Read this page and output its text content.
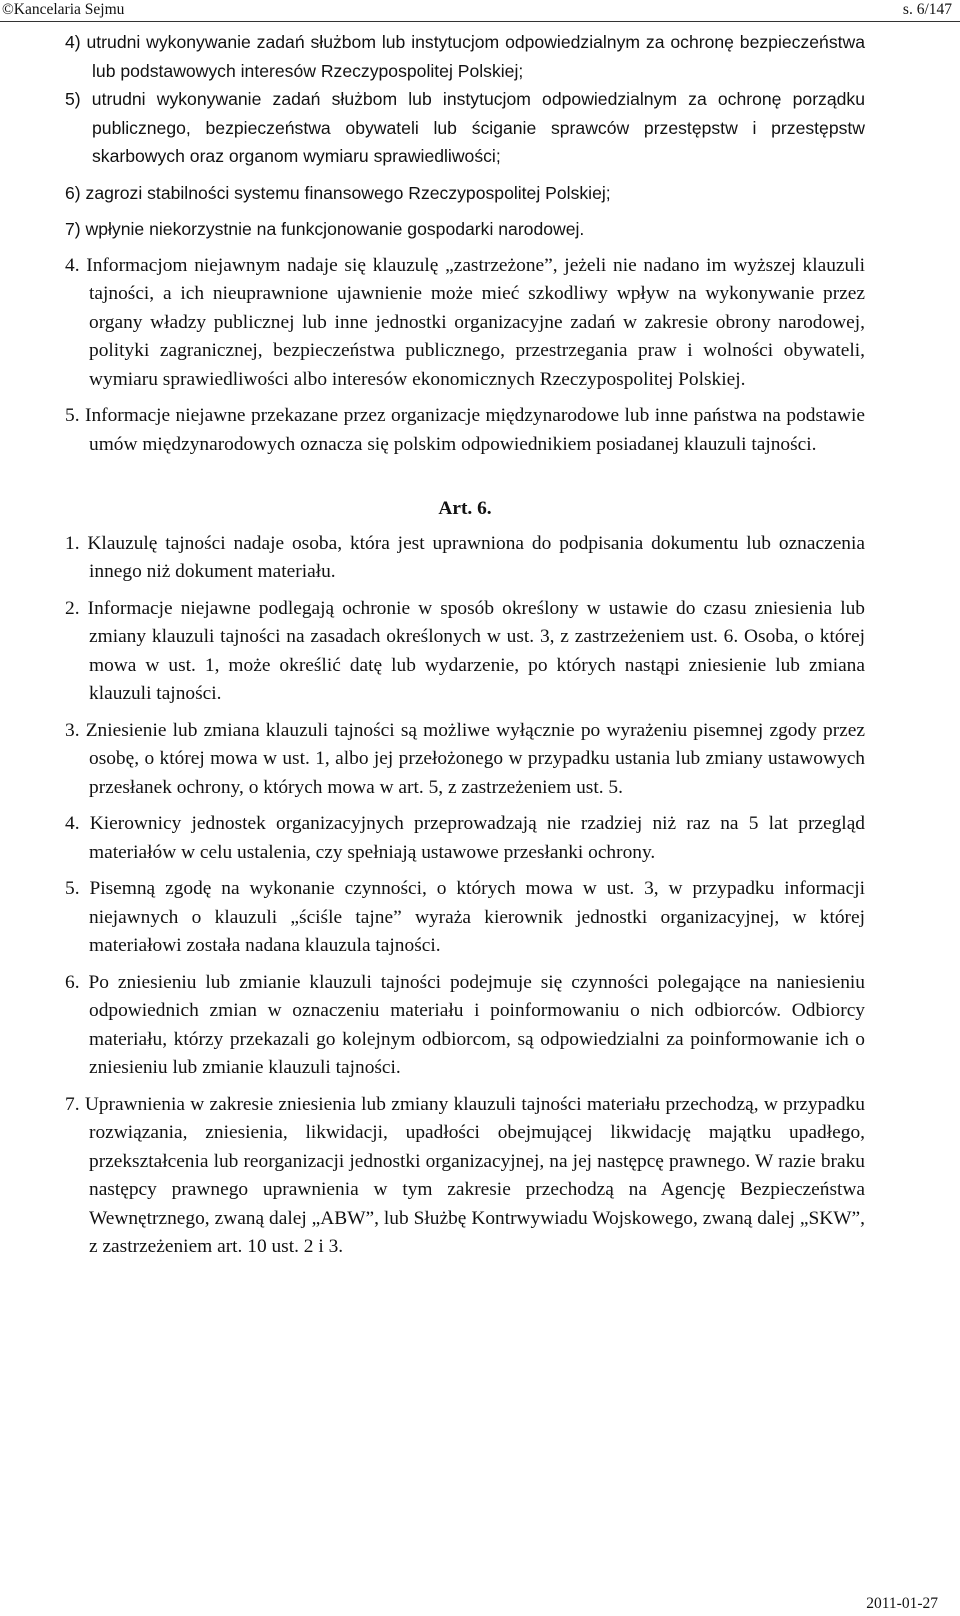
©Kancelaria Sejmu	s. 6/147

4) utrudni wykonywanie zadań służbom lub instytucjom odpowiedzialnym za ochronę bezpieczeństwa lub podstawowych interesów Rzeczypospolitej Polskiej;

5) utrudni wykonywanie zadań służbom lub instytucjom odpowiedzialnym za ochronę porządku publicznego, bezpieczeństwa obywateli lub ściganie sprawców przestępstw i przestępstw skarbowych oraz organom wymiaru sprawiedliwości;

6) zagrozi stabilności systemu finansowego Rzeczypospolitej Polskiej;

7) wpłynie niekorzystnie na funkcjonowanie gospodarki narodowej.

4. Informacjom niejawnym nadaje się klauzulę „zastrzeżone”, jeżeli nie nadano im wyższej klauzuli tajności, a ich nieuprawnione ujawnienie może mieć szkodliwy wpływ na wykonywanie przez organy władzy publicznej lub inne jednostki organizacyjne zadań w zakresie obrony narodowej, polityki zagranicznej, bezpieczeństwa publicznego, przestrzegania praw i wolności obywateli, wymiaru sprawiedliwości albo interesów ekonomicznych Rzeczypospolitej Polskiej.

5. Informacje niejawne przekazane przez organizacje międzynarodowe lub inne państwa na podstawie umów międzynarodowych oznacza się polskim odpowiednikiem posiadanej klauzuli tajności.

Art. 6.

1. Klauzulę tajności nadaje osoba, która jest uprawniona do podpisania dokumentu lub oznaczenia innego niż dokument materiału.

2. Informacje niejawne podlegają ochronie w sposób określony w ustawie do czasu zniesienia lub zmiany klauzuli tajności na zasadach określonych w ust. 3, z zastrzeżeniem ust. 6. Osoba, o której mowa w ust. 1, może określić datę lub wydarzenie, po których nastąpi zniesienie lub zmiana klauzuli tajności.

3. Zniesienie lub zmiana klauzuli tajności są możliwe wyłącznie po wyrażeniu pisemnej zgody przez osobę, o której mowa w ust. 1, albo jej przełożonego w przypadku ustania lub zmiany ustawowych przesłanek ochrony, o których mowa w art. 5, z zastrzeżeniem ust. 5.

4. Kierownicy jednostek organizacyjnych przeprowadzają nie rzadziej niż raz na 5 lat przegląd materiałów w celu ustalenia, czy spełniają ustawowe przesłanki ochrony.

5. Pisemną zgodę na wykonanie czynności, o których mowa w ust. 3, w przypadku informacji niejawnych o klauzuli „ściśle tajne” wyraża kierownik jednostki organizacyjnej, w której materiałowi została nadana klauzula tajności.

6. Po zniesieniu lub zmianie klauzuli tajności podejmuje się czynności polegające na naniesieniu odpowiednich zmian w oznaczeniu materiału i poinformowaniu o nich odbiorców. Odbiorcy materiału, którzy przekazali go kolejnym odbiorcom, są odpowiedzialni za poinformowanie ich o zniesieniu lub zmianie klauzuli tajności.

7. Uprawnienia w zakresie zniesienia lub zmiany klauzuli tajności materiału przechodzą, w przypadku rozwiązania, zniesienia, likwidacji, upadłości obejmującej likwidację majątku upadłego, przekształcenia lub reorganizacji jednostki organizacyjnej, na jej następcę prawnego. W razie braku następcy prawnego uprawnienia w tym zakresie przechodzą na Agencję Bezpieczeństwa Wewnętrznego, zwaną dalej „ABW”, lub Służbę Kontrwywiadu Wojskowego, zwaną dalej „SKW”, z zastrzeżeniem art. 10 ust. 2 i 3.

2011-01-27
